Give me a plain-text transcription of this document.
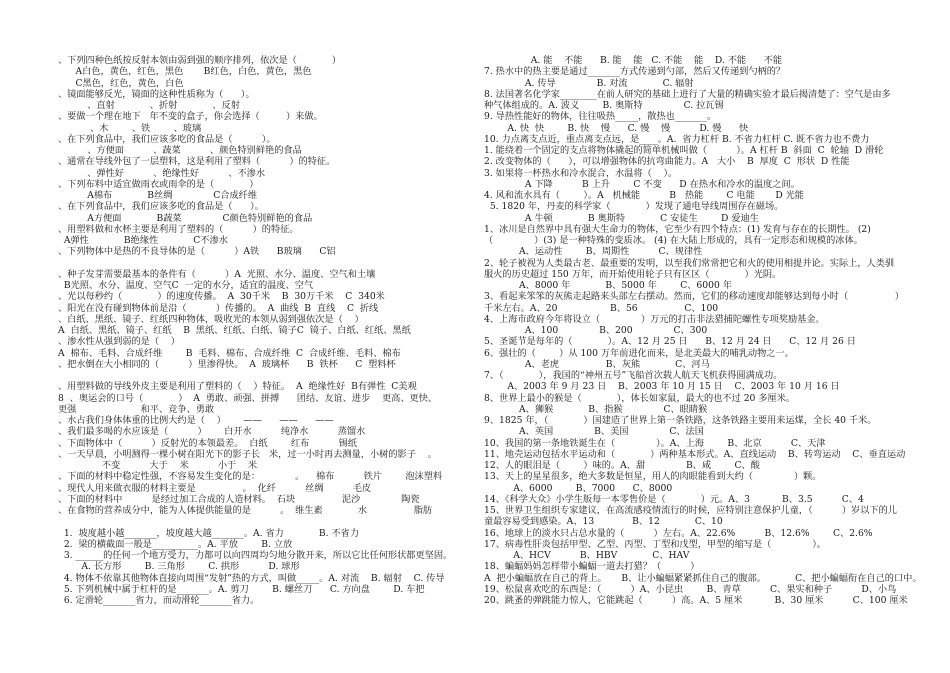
、下列四种色纸按反射本领由弱到强的顺序排列，依次是（            ）
A白色，黄色，红色，黑色       B红色，白色，黄色，黑色
C黑色，红色，黄色，白色
、镜面能够反光，镜面的这种性质称为（      ）。
、直射            、折射            、反射
、要做一个理在地下   年不变的盒子，你会选择（         ）来做。
、木        、铁        、玻璃
、在下列食品中，我们应该多吃的食品是（          ）。
、方便面          、蔬菜          、颜色特别鲜艳的食品
、通常在导线外包了一层塑料，这是利用了塑料（          ）的特征。
、弹性好          、绝缘性好          、不渗水
、下列布料中适宜做雨衣或雨伞的是（            ）
A棉布            B丝绸              C合成纤维
、在下列食品中，我们应该多吃的食品是（      ）。
A方便面            B蔬菜              C颜色特别鲜艳的食品
、用塑料做和水杯主要是利用了塑料的（          ）的特征。
A弹性            B绝缘性            C不渗水
、下列物体中是热的不良导体的是（          ）A铁      B玻璃      C铝
、种子发芽需要最基本的条件有（          ）A  光照、水分、温度、空气和土壤
B光照、水分、温度、空气C  一定的水分，适宜的温度、空气
、光以每秒约（            ）的速度传播。  A  30千米    B  30万千米    C  340米
、阳光在没有碰到物体前是沿（          ）传播的。  A  曲线  B  直线    C  折线
、白纸、黑纸、镜子、红纸四种物体，吸收光的本领从弱到强依次是（    ）
A  白纸、黑纸、镜子、红纸    B  黑纸、红纸、白纸、镜子C  镜子、白纸、红纸、黑纸
、渗水性从强到弱的是（    ）
A  棉布、毛料、合成纤维        B  毛料、棉布、合成纤维  C  合成纤维、毛料、棉布
、把水倒在大小相同的（          ）里渗得快。  A  玻璃杯      B  铁杯      C  塑料杯
、用塑料做的导线外皮主要是利用了塑料的（    ）特征。  A  绝缘性好  B有弹性  C美观
8  、奥运会的口号（            ）  A  勇敢、顽强、拼搏      团结、友谊、进步    更高、更快、
更强                      和平、竞争、勇敢
、水占我们身体体重的比例大约是（    ）      ——      ——      ——
、我们最多喝的水应该是（          ）      白开水          纯净水          蒸馏水
、下面物体中（          ）反射光的本领最差。  白纸        红布          锡纸
、一天早晨，小明测得一棵小树在阳光下的影子长   米，过一小时再去测量，小树的影子    。
不变          大于    米          小于    米
、下面的材料中稳定性强，不容易发生变化的是：            。    棉布          铁片        泡沫塑料
、现代人用来做衣服的材料主要是                。  化纤          丝绸          毛皮
、下面的材料中          是经过加工合成的人造材料。  石块                泥沙              陶瓷
、在食物的营养成分中，能为人体提供能量的是          。  维生素            水                脂肪
1.  坡度越小越_______，坡度越大越_______。A. 省力            B. 不省力
2.  梁的横截面一般是__________。A. 平放        B. 立放
3. ______的任何一个地方受力，力都可以向四周均匀地分散开来，所以它比任何形状都更坚固。
A. 长方形        B. 三角形        C. 拱形          D. 球形
4. 物体不依靠其他物体直接向周围“发射”热的方式，叫做_____。A. 对流    B. 辐射    C. 传导
5. 下列机械中属于杠杆的是_______。A. 剪刀        B. 螺丝刀      C. 方向盘        D. 车把
6. 定滑轮_______省力，而动滑轮_______省力。
A. 能    不能      B. 能    能   C. 不能    能    D. 不能      不能
7. 热水中的热主要是通过_______方式传递到勺部，然后又传递到勺柄的？
A. 传导              B. 对流            C. 辐射
8. 法国著名化学家________在前人研究的基础上进行了大量的精确实验才最后揭清楚了：空气是由多
种气体组成的。A. 波义        B. 奥斯特              C. 拉瓦锡
9. 导热性能好的物体，往往吸热_____，散热也_______。
A. 快  快        B. 快    慢      C. 慢    慢          D. 慢      快
10. 力点离支点近，重点离支点远，是____。A.  省力杠杆 B. 不省力杠杆 C. 既不省力也不费力
1. 能绕着一个固定的支点将物体撬起的简单机械叫做（          ）。A 杠杆 B  斜面  C  轮轴  D 滑轮
2. 改变物体的（      ），可以增强物体的抗弯曲能力。A   大小    B  厚度  C  形状  D 性能
3. 如果将一杯热水和冷水混合，水温将（    ）。
A 下降          B 上升        C 不变      D 在热水和冷水的温度之间。
4. 风和流水具有（        ）。A   机械能          B   热能        C 电能       D 光能
5. 1820 年，丹麦的科学家（            ）发现了通电导线周围存在磁场。
A 牛顿            B 奥斯特            C 安徒生        D 爱迪生
1、冰川是自然界中具有强大生命力的物体，它至少有四个特点：(1) 发育与存在的长期性。 (2)
（              ）(3) 是一种特殊的变质冰。 (4) 在大陆上形成的，具有一定形态和规模的冰体。
A、运动性        B、周期性          C、规律性
2、轮子被视为人类最古老、最重要的发明，以至我们常常把它和火的使用相提并论。实际上，人类驯
服火的历史超过 150 万年，而开始使用轮子只有区区（            ）光阴。
A、8000 年            B、5000 年        C、6000 年
3、看起来笨笨的灰熊走起路来头部左右摆动。然而，它们的移动速度却能够达到每小时（                ）
千米左右。A、20                  B、56                C、100
4、上海市政府今年将设立（              ）万元的打击非法猎捕陀螺性专项奖励基金。
A、100              B、200              C、300
5、圣诞节是每年的（            ）。A、12 月 25 日      B、12 月 24 日      C、12 月 26 日
6、强壮的（        ）从 100 万年前进化而来，是北美最大的哺乳动物之一。
A、老虎                B、灰熊            C、河马
7、（            ），我国的“神州五号”飞船首次载人航天飞机获得圆满成功。
A、2003 年 9 月 23 日    B、2003 年 10 月 15 日    C、2003 年 10 月 16 日
8、世界上最小的猴是（            ），体长如家鼠，最大的也不过 20 多厘米。
A、狮猴            B、指猴              C、眼睛猴
9、1825 年，（            ）国建造了世界上第一条铁路，这条铁路主要用来运煤，全长 40 千米。
A、英国              B、美国              C、法国
10、我国的第一条地铁诞生在（              ）。A、上海        B、北京          C、天津
11、地壳运动包括水平运动和（            ）两种基本形式。A、直线运动    B、转弯运动    C、垂直运动
12、人的眼泪是（        ）味的。A、甜              B、咸        C、酸
13、天上的星星很多，绝大多数是恒星，用人的肉眼能看到大约（              ）颗。
A、6000        B、7000      C、8000
14、《科学大众》小学生版每一本零售价是（            ）元。A、3           B、3.5          C、4
15、世界卫生组织专家建议，在高流感疫情流行的时候，应特别注意保护儿童，（          ）岁以下的儿
童最容易受到感染。A、13             B、12            C、10
16、地球上的淡水只占总水量的（          ）左右。A、22.6%          B、12.6%        C、2.6%
17、病毒性肝炎包括甲型、乙型、丙型、丁型和戊型，甲型的缩写是（              ）。
A、HCV          B、HBV            C、HAV
18、蝙蝠妈妈怎样带小蝙蝠一道去打猎？（          ）
A  把小蝙蝠放在自己的背上。     B、让小蝙蝠紧紧抓住自己的腹部。          C、把小蝙蝠衔在自己的口中。
19、松鼠喜欢吃的东西是：（          ）A、小昆虫        B、青草          C、果实和种子          D、小鸟
20、跳蚤的弹跳能力惊人，它能跳起（          ）高。A、5 厘米           B、30 厘米          C、100 厘米
